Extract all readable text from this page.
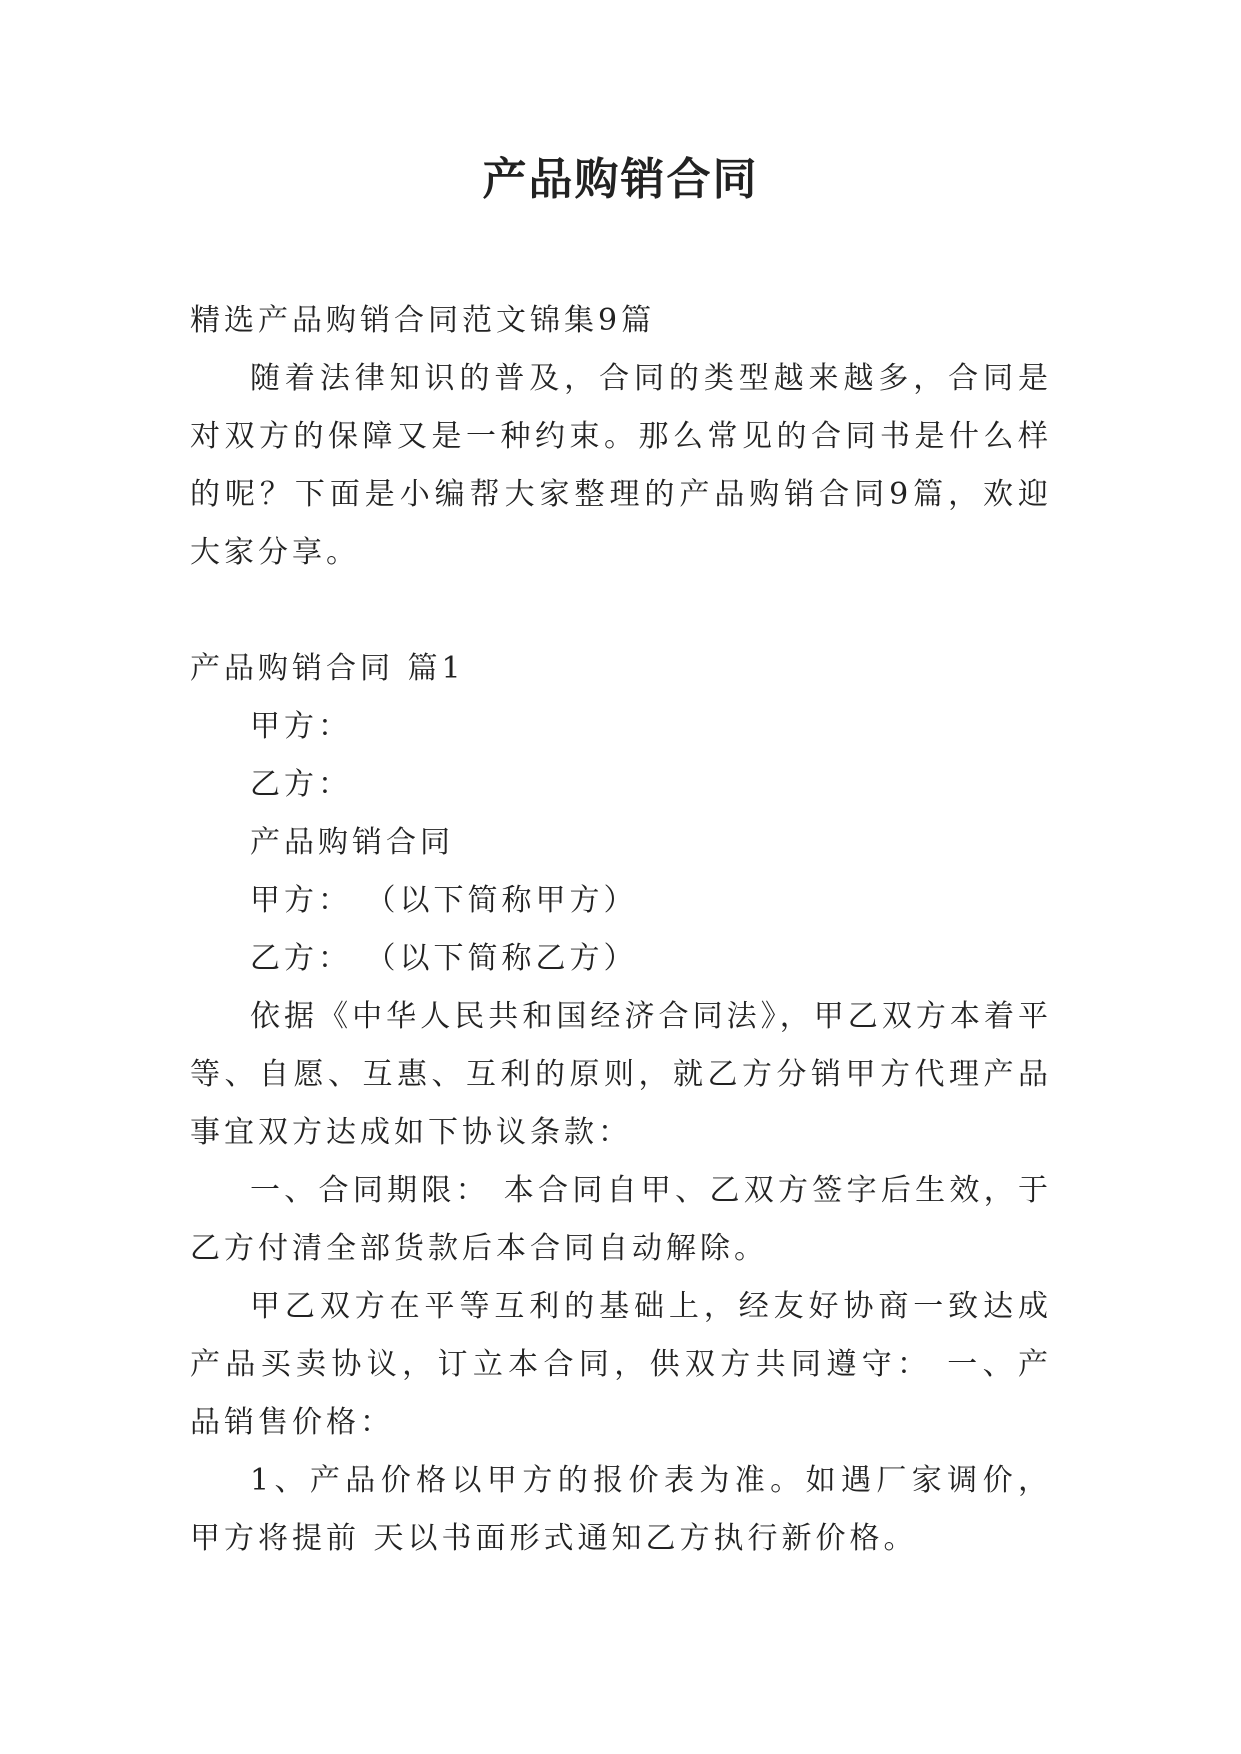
产品购销合同

精选产品购销合同范文锦集9篇

随着法律知识的普及，合同的类型越来越多，合同是对双方的保障又是一种约束。那么常见的合同书是什么样的呢？下面是小编帮大家整理的产品购销合同9篇，欢迎大家分享。

产品购销合同 篇1

甲方：

乙方：

产品购销合同

甲方： （以下简称甲方）

乙方： （以下简称乙方）

依据《中华人民共和国经济合同法》，甲乙双方本着平等、自愿、互惠、互利的原则，就乙方分销甲方代理产品事宜双方达成如下协议条款：

一、合同期限： 本合同自甲、乙双方签字后生效，于乙方付清全部货款后本合同自动解除。

甲乙双方在平等互利的基础上，经友好协商一致达成产品买卖协议，订立本合同，供双方共同遵守： 一、产品销售价格：

1、产品价格以甲方的报价表为准。如遇厂家调价，甲方将提前 天以书面形式通知乙方执行新价格。
